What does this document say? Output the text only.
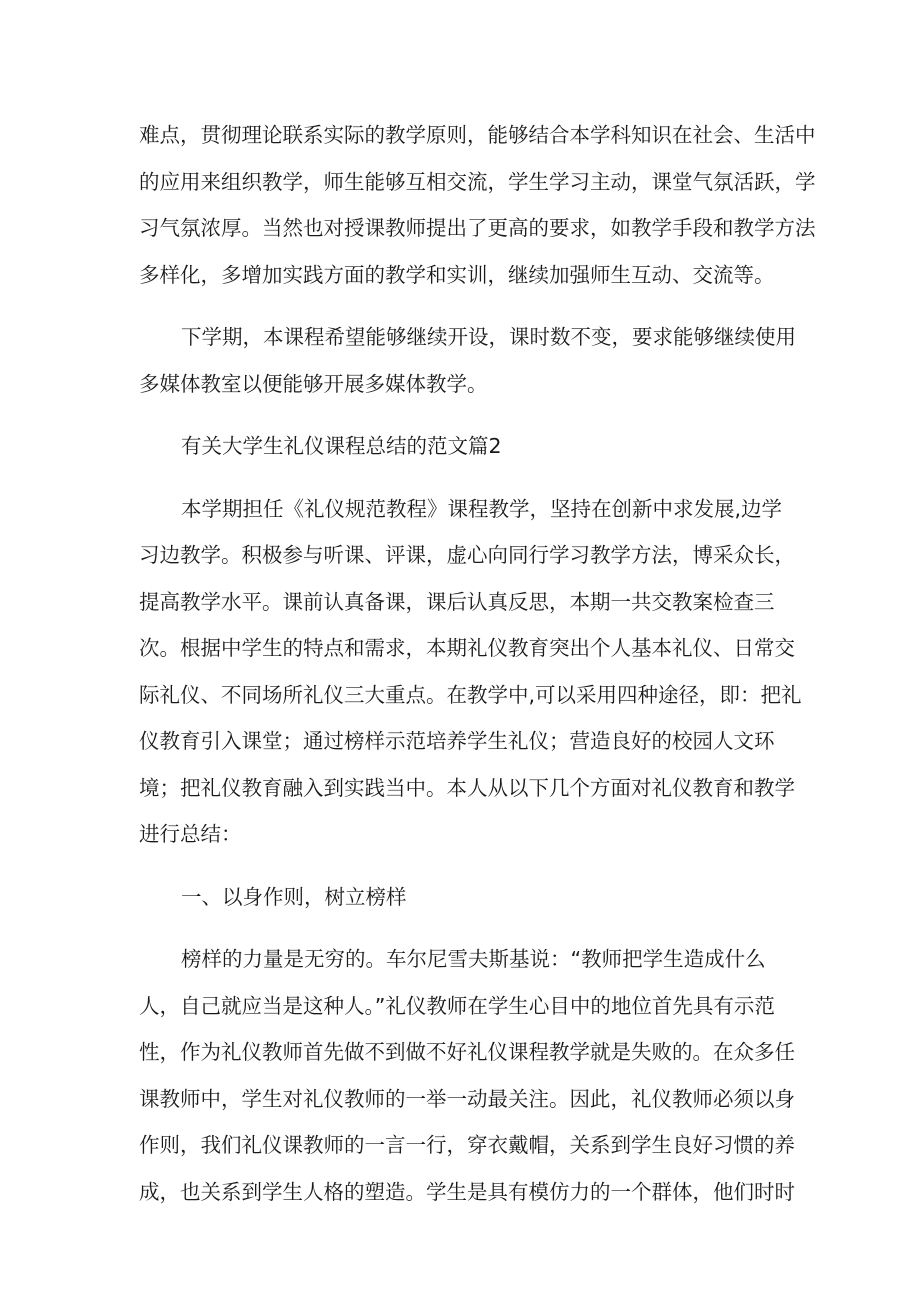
难点，贯彻理论联系实际的教学原则，能够结合本学科知识在社会、生活中
的应用来组织教学，师生能够互相交流，学生学习主动，课堂气氛活跃，学
习气氛浓厚。当然也对授课教师提出了更高的要求，如教学手段和教学方法
多样化，多增加实践方面的教学和实训，继续加强师生互动、交流等。
下学期，本课程希望能够继续开设，课时数不变，要求能够继续使用
多媒体教室以便能够开展多媒体教学。
有关大学生礼仪课程总结的范文篇2
本学期担任《礼仪规范教程》课程教学，坚持在创新中求发展,边学
习边教学。积极参与听课、评课，虚心向同行学习教学方法，博采众长，
提高教学水平。课前认真备课，课后认真反思，本期一共交教案检查三
次。根据中学生的特点和需求，本期礼仪教育突出个人基本礼仪、日常交
际礼仪、不同场所礼仪三大重点。在教学中,可以采用四种途径，即：把礼
仪教育引入课堂；通过榜样示范培养学生礼仪；营造良好的校园人文环
境；把礼仪教育融入到实践当中。本人从以下几个方面对礼仪教育和教学
进行总结：
一、以身作则，树立榜样
榜样的力量是无穷的。车尔尼雪夫斯基说：“教师把学生造成什么
人，自己就应当是这种人。”礼仪教师在学生心目中的地位首先具有示范
性，作为礼仪教师首先做不到做不好礼仪课程教学就是失败的。在众多任
课教师中，学生对礼仪教师的一举一动最关注。因此，礼仪教师必须以身
作则，我们礼仪课教师的一言一行，穿衣戴帽，关系到学生良好习惯的养
成，也关系到学生人格的塑造。学生是具有模仿力的一个群体，他们时时
